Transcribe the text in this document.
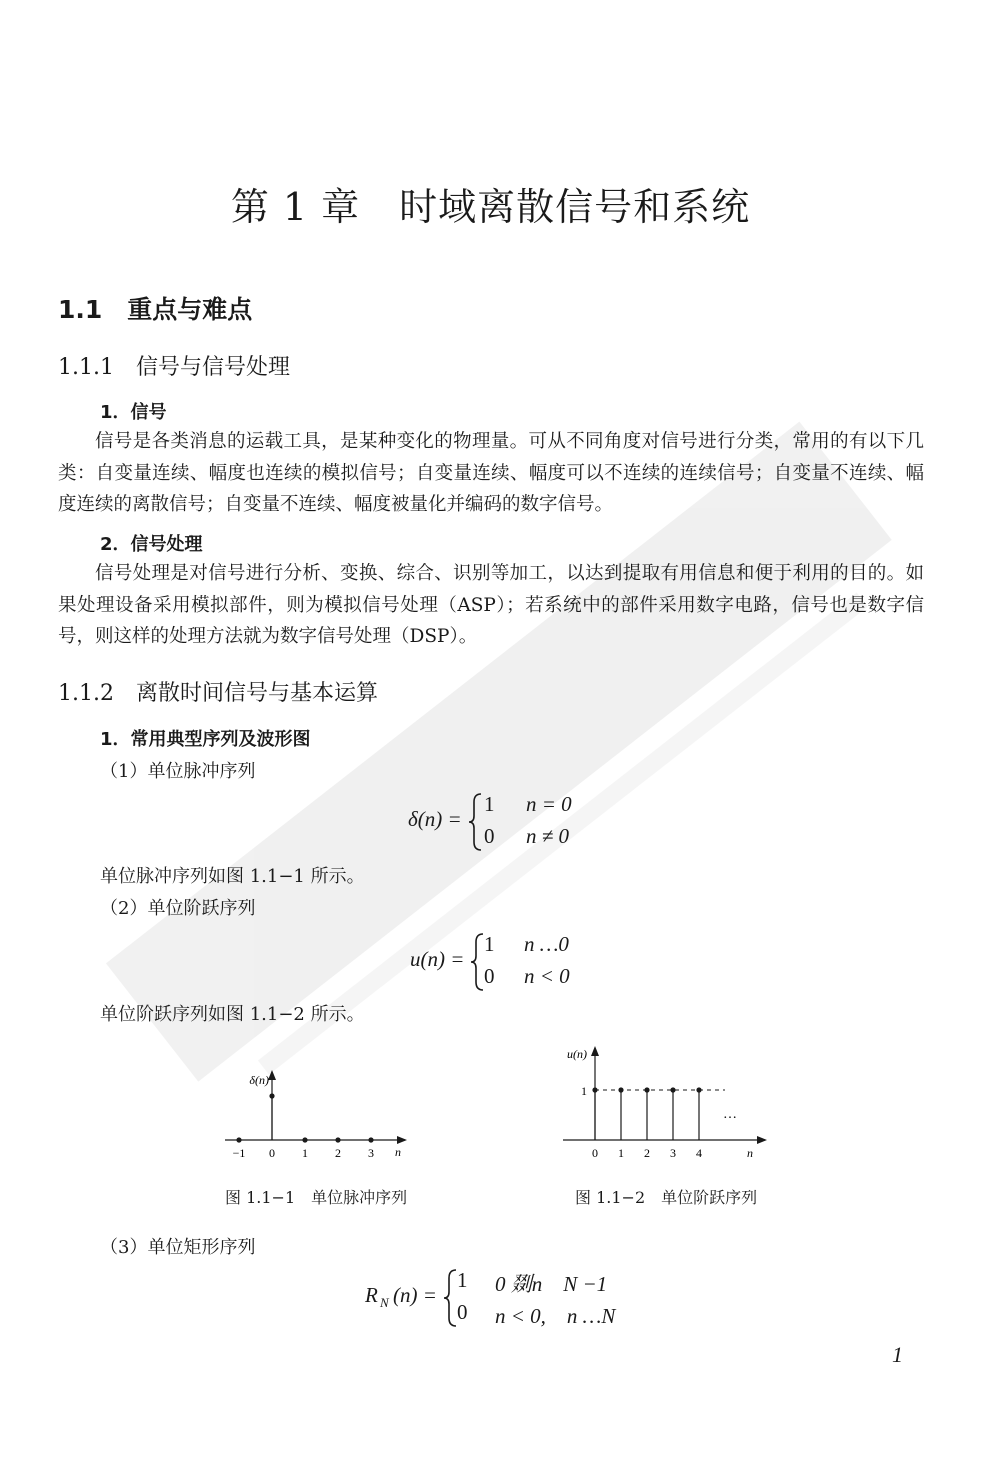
第 1 章　时域离散信号和系统
1.1　重点与难点
1.1.1　信号与信号处理
1．信号
信号是各类消息的运载工具，是某种变化的物理量。可从不同角度对信号进行分类，常用的有以下几类：自变量连续、幅度也连续的模拟信号；自变量连续、幅度可以不连续的连续信号；自变量不连续、幅度连续的离散信号；自变量不连续、幅度被量化并编码的数字信号。
2．信号处理
信号处理是对信号进行分析、变换、综合、识别等加工，以达到提取有用信息和便于利用的目的。如果处理设备采用模拟部件，则为模拟信号处理（ASP）；若系统中的部件采用数字电路，信号也是数字信号，则这样的处理方法就为数字信号处理（DSP）。
1.1.2　离散时间信号与基本运算
1．常用典型序列及波形图
（1）单位脉冲序列
δ(n) =
1 n = 0
0 n ≠ 0
单位脉冲序列如图 1.1−1 所示。
（2）单位阶跃序列
u(n) =
1 n …0
0 n < 0
单位阶跃序列如图 1.1−2 所示。
−1 0 1 2 3
δ(n)
n
图 1.1−1　单位脉冲序列
0 1 2 3 4
u(n)
1
…
n
图 1.1−2　单位阶跃序列
（3）单位矩形序列
R N (n) =
1 0 剟n　N −1
0 n < 0,　n …N
1
